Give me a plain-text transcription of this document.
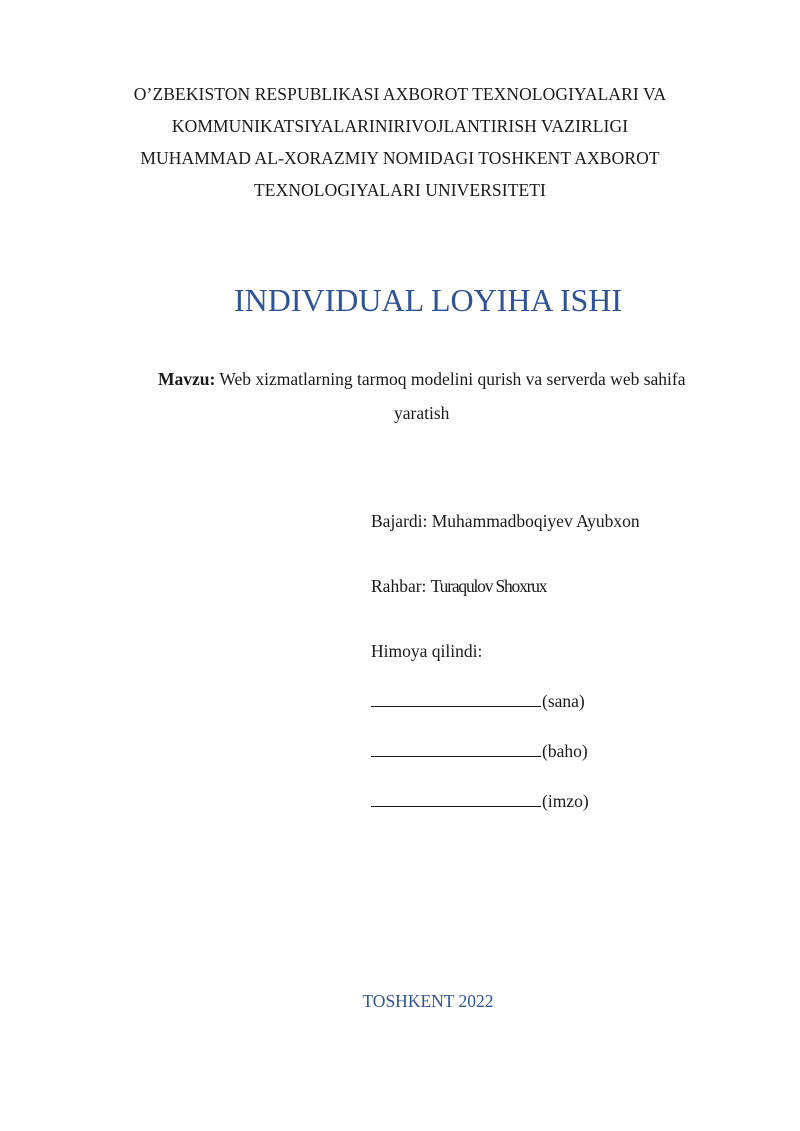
O’ZBEKISTON RESPUBLIKASI AXBOROT TEXNOLOGIYALARI VA
KOMMUNIKATSIYALARINIRIVOJLANTIRISH VAZIRLIGI
MUHAMMAD AL-XORAZMIY NOMIDAGI TOSHKENT AXBOROT
TEXNOLOGIYALARI UNIVERSITETI
INDIVIDUAL LOYIHA ISHI
Mavzu: Web xizmatlarning tarmoq modelini qurish va serverda web sahifa
yaratish
Bajardi: Muhammadboqiyev Ayubxon
Rahbar: Turaqulov Shoxrux
Himoya qilindi:
(sana)
(baho)
(imzo)
TOSHKENT 2022
